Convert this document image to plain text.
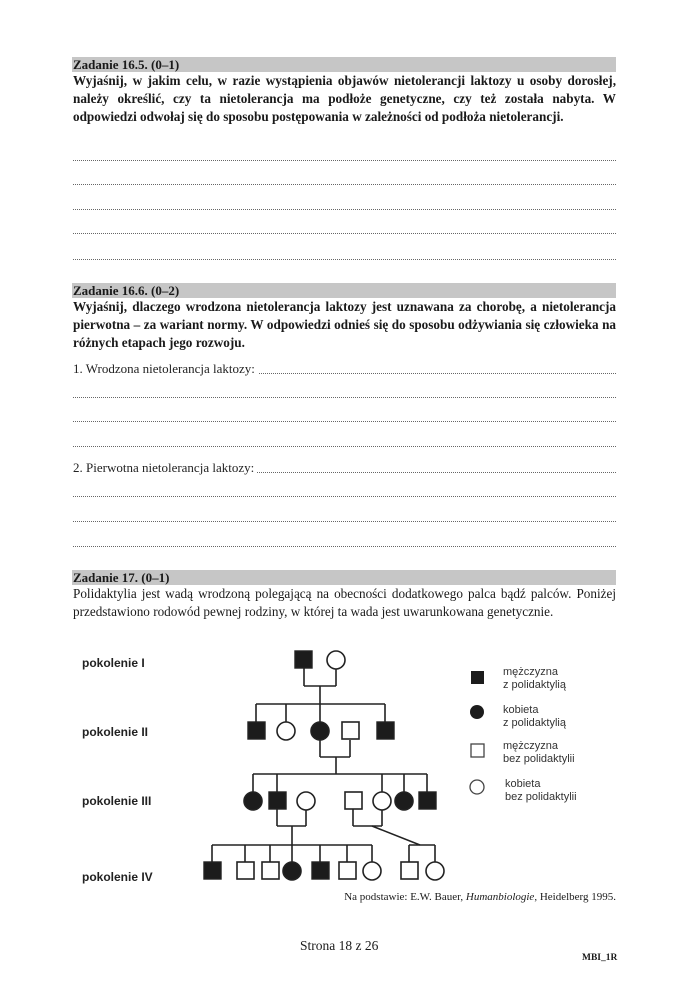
Zadanie 16.5. (0–1)
Wyjaśnij, w jakim celu, w razie wystąpienia objawów nietolerancji laktozy u osoby dorosłej, należy określić, czy ta nietolerancja ma podłoże genetyczne, czy też została nabyta. W odpowiedzi odwołaj się do sposobu postępowania w zależności od podłoża nietolerancji.
Zadanie 16.6. (0–2)
Wyjaśnij, dlaczego wrodzona nietolerancja laktozy jest uznawana za chorobę, a nietolerancja pierwotna – za wariant normy. W odpowiedzi odnieś się do sposobu odżywiania się człowieka na różnych etapach jego rozwoju.
1. Wrodzona nietolerancja laktozy:
2. Pierwotna nietolerancja laktozy:
Zadanie 17. (0–1)
Polidaktylia jest wadą wrodzoną polegającą na obecności dodatkowego palca bądź palców. Poniżej przedstawiono rodowód pewnej rodziny, w której ta wada jest uwarunkowana genetycznie.
pokolenie I
pokolenie II
pokolenie III
pokolenie IV
mężczyzna
z polidaktylią
kobieta
z polidaktylią
mężczyzna
bez polidaktylii
kobieta
bez polidaktylii
Na podstawie: E.W. Bauer, Humanbiologie, Heidelberg 1995.
Strona 18 z 26
MBI_1R
